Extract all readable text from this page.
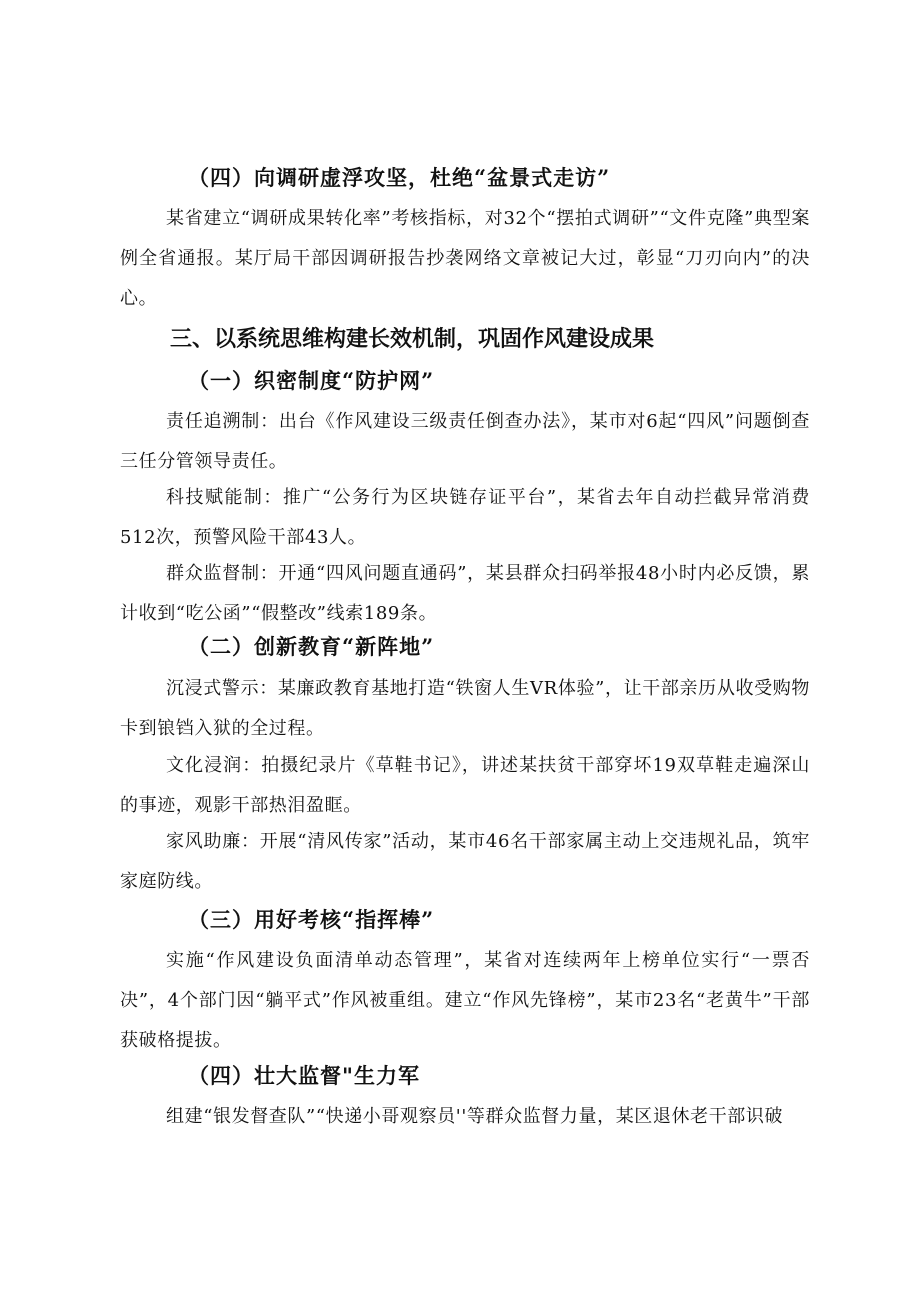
（四）向调研虚浮攻坚，杜绝“盆景式走访”

某省建立“调研成果转化率”考核指标，对32个“摆拍式调研”“文件克隆”典型案例全省通报。某厅局干部因调研报告抄袭网络文章被记大过，彰显“刀刃向内”的决心。

三、以系统思维构建长效机制，巩固作风建设成果
（一）织密制度“防护网”

责任追溯制：出台《作风建设三级责任倒查办法》，某市对6起“四风”问题倒查三任分管领导责任。

科技赋能制：推广“公务行为区块链存证平台”，某省去年自动拦截异常消费512次，预警风险干部43人。

群众监督制：开通“四风问题直通码”，某县群众扫码举报48小时内必反馈，累计收到“吃公函”“假整改”线索189条。

（二）创新教育“新阵地”

沉浸式警示：某廉政教育基地打造“铁窗人生VR体验”，让干部亲历从收受购物卡到锒铛入狱的全过程。

文化浸润：拍摄纪录片《草鞋书记》，讲述某扶贫干部穿坏19双草鞋走遍深山的事迹，观影干部热泪盈眶。

家风助廉：开展“清风传家”活动，某市46名干部家属主动上交违规礼品，筑牢家庭防线。

（三）用好考核“指挥棒”

实施“作风建设负面清单动态管理”，某省对连续两年上榜单位实行“一票否决”，4个部门因“躺平式”作风被重组。建立“作风先锋榜”，某市23名“老黄牛”干部获破格提拔。

（四）壮大监督"生力军

组建“银发督查队”“快递小哥观察员''等群众监督力量，某区退休老干部识破
